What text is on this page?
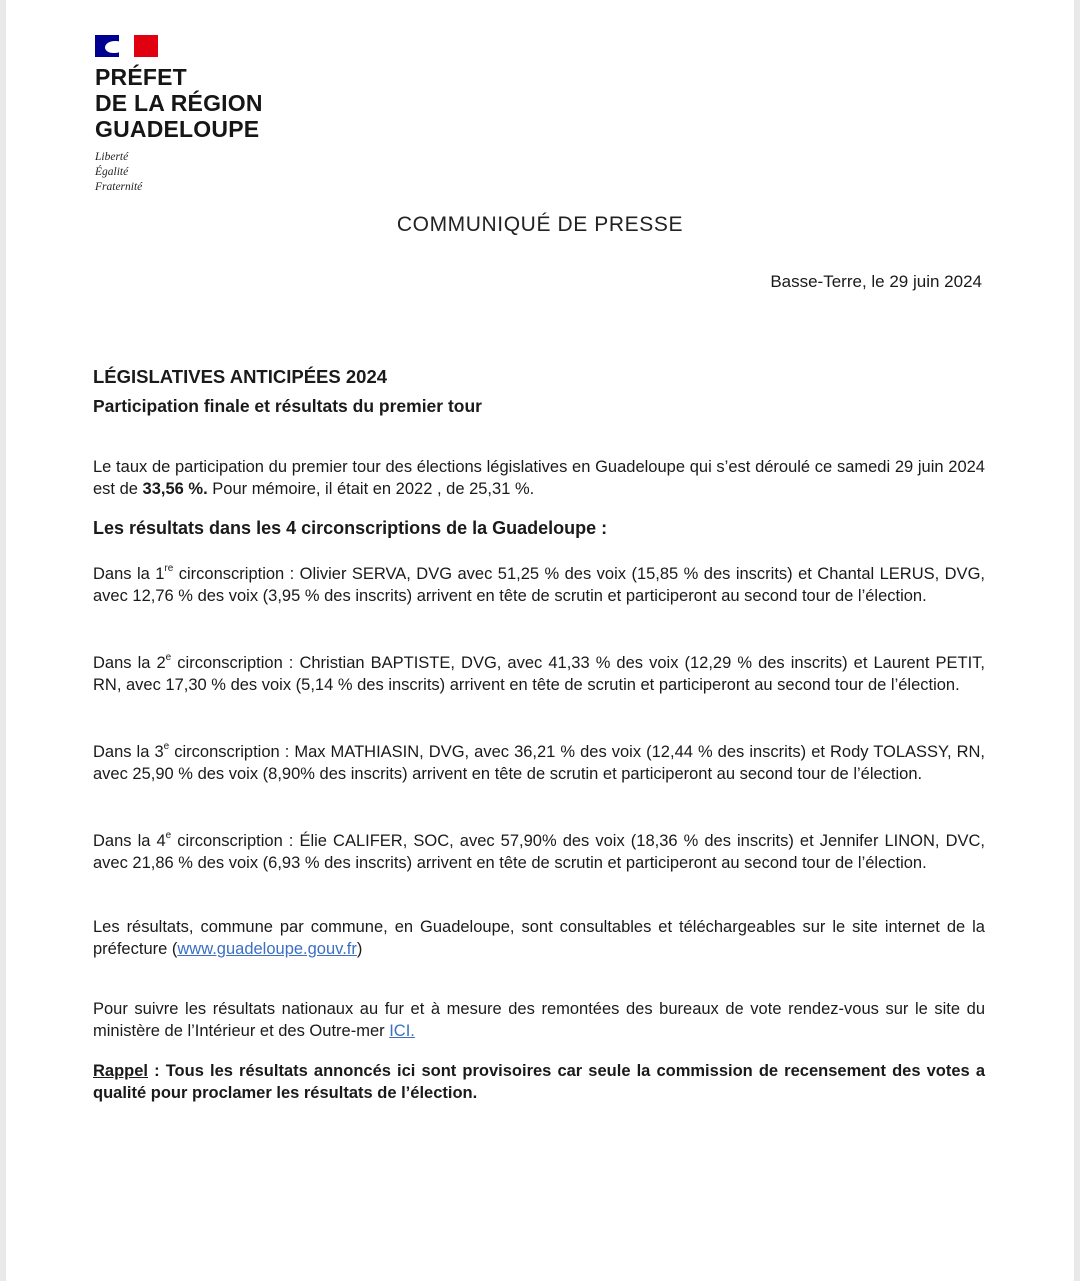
PRÉFET
DE LA RÉGION
GUADELOUPE
Liberté
Égalité
Fraternité
COMMUNIQUÉ DE PRESSE
Basse-Terre, le 29 juin 2024
LÉGISLATIVES ANTICIPÉES 2024
Participation finale et résultats du premier tour
Le taux de participation du premier tour des élections législatives en Guadeloupe qui s’est déroulé ce samedi 29 juin 2024 est de 33,56 %. Pour mémoire, il était en 2022 , de 25,31 %.
Les résultats dans les 4 circonscriptions de la Guadeloupe :
Dans la 1re circonscription : Olivier SERVA, DVG avec 51,25 % des voix (15,85 % des inscrits) et Chantal LERUS, DVG, avec 12,76 % des voix (3,95 % des inscrits) arrivent en tête de scrutin et participeront au second tour de l’élection.
Dans la 2e circonscription : Christian BAPTISTE, DVG, avec 41,33 % des voix (12,29 % des inscrits) et Laurent PETIT, RN, avec 17,30 % des voix (5,14 % des inscrits) arrivent en tête de scrutin et participeront au second tour de l’élection.
Dans la 3e circonscription : Max MATHIASIN, DVG, avec 36,21 % des voix (12,44 % des inscrits) et Rody TOLASSY, RN, avec 25,90 % des voix (8,90% des inscrits) arrivent en tête de scrutin et participeront au second tour de l’élection.
Dans la 4e circonscription : Élie CALIFER, SOC, avec 57,90% des voix (18,36 % des inscrits) et Jennifer LINON, DVC, avec 21,86 % des voix (6,93 % des inscrits) arrivent en tête de scrutin et participeront au second tour de l’élection.
Les résultats, commune par commune, en Guadeloupe, sont consultables et téléchargeables sur le site internet de la préfecture (www.guadeloupe.gouv.fr)
Pour suivre les résultats nationaux au fur et à mesure des remontées des bureaux de vote rendez-vous sur le site du ministère de l’Intérieur et des Outre-mer ICI.
Rappel : Tous les résultats annoncés ici sont provisoires car seule la commission de recensement des votes a qualité pour proclamer les résultats de l’élection.
